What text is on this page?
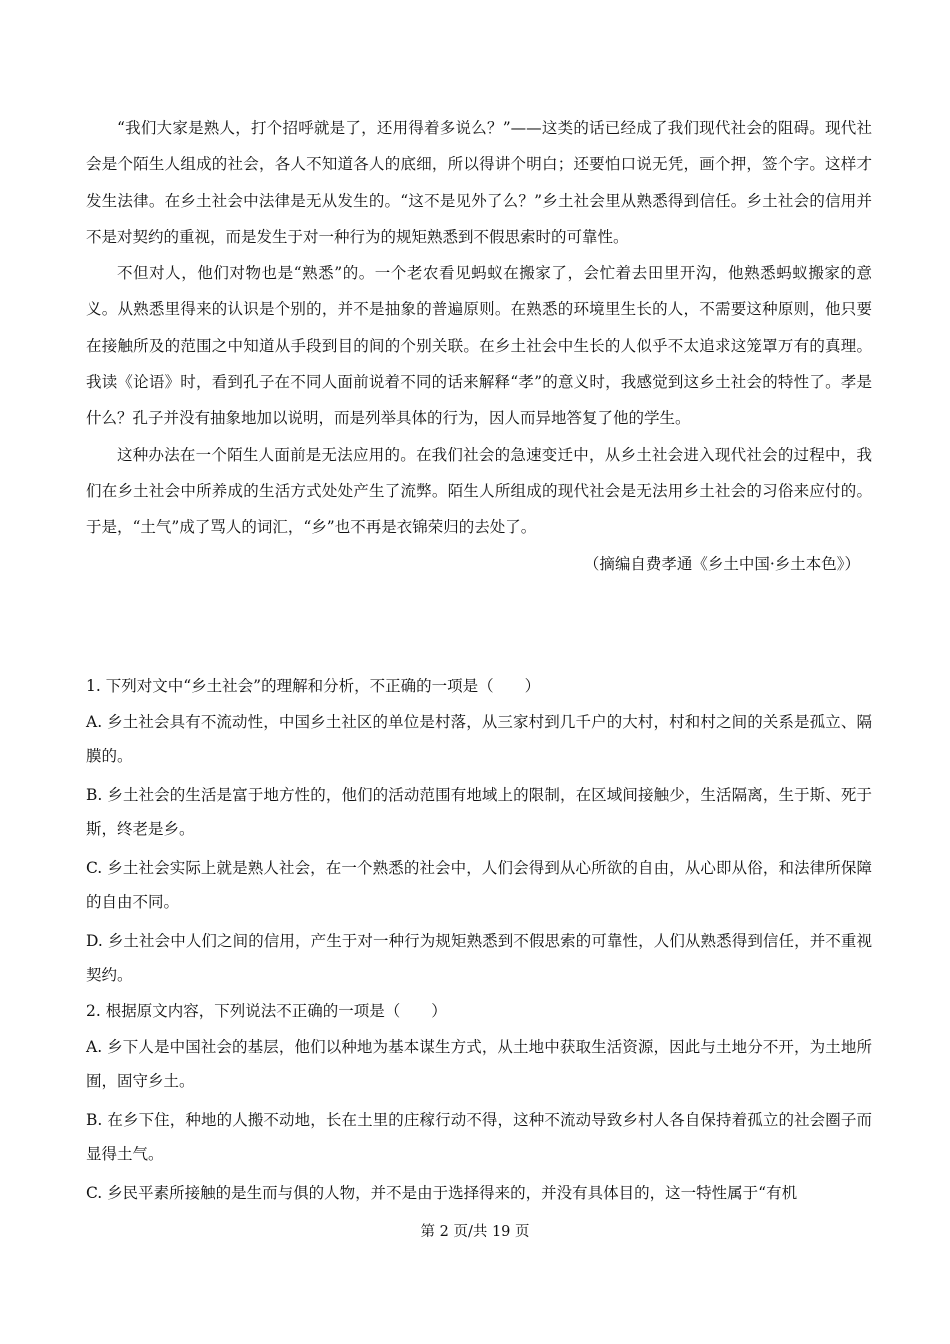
“我们大家是熟人，打个招呼就是了，还用得着多说么？”——这类的话已经成了我们现代社会的阻碍。现代社会是个陌生人组成的社会，各人不知道各人的底细，所以得讲个明白；还要怕口说无凭，画个押，签个字。这样才发生法律。在乡土社会中法律是无从发生的。“这不是见外了么？”乡土社会里从熟悉得到信任。乡土社会的信用并不是对契约的重视，而是发生于对一种行为的规矩熟悉到不假思索时的可靠性。

不但对人，他们对物也是“熟悉”的。一个老农看见蚂蚁在搬家了，会忙着去田里开沟，他熟悉蚂蚁搬家的意义。从熟悉里得来的认识是个别的，并不是抽象的普遍原则。在熟悉的环境里生长的人，不需要这种原则，他只要在接触所及的范围之中知道从手段到目的间的个别关联。在乡土社会中生长的人似乎不太追求这笼罩万有的真理。我读《论语》时，看到孔子在不同人面前说着不同的话来解释“孝”的意义时，我感觉到这乡土社会的特性了。孝是什么？孔子并没有抽象地加以说明，而是列举具体的行为，因人而异地答复了他的学生。

这种办法在一个陌生人面前是无法应用的。在我们社会的急速变迁中，从乡土社会进入现代社会的过程中，我们在乡土社会中所养成的生活方式处处产生了流弊。陌生人所组成的现代社会是无法用乡土社会的习俗来应付的。于是，“土气”成了骂人的词汇，“乡”也不再是衣锦荣归的去处了。

（摘编自费孝通《乡土中国·乡土本色》）

1. 下列对文中“乡土社会”的理解和分析，不正确的一项是（　　）

A. 乡土社会具有不流动性，中国乡土社区的单位是村落，从三家村到几千户的大村，村和村之间的关系是孤立、隔膜的。

B. 乡土社会的生活是富于地方性的，他们的活动范围有地域上的限制，在区域间接触少，生活隔离，生于斯、死于斯，终老是乡。

C. 乡土社会实际上就是熟人社会，在一个熟悉的社会中，人们会得到从心所欲的自由，从心即从俗，和法律所保障的自由不同。

D. 乡土社会中人们之间的信用，产生于对一种行为规矩熟悉到不假思索的可靠性，人们从熟悉得到信任，并不重视契约。

2. 根据原文内容，下列说法不正确的一项是（　　）

A. 乡下人是中国社会的基层，他们以种地为基本谋生方式，从土地中获取生活资源，因此与土地分不开，为土地所囿，固守乡土。

B. 在乡下住，种地的人搬不动地，长在土里的庄稼行动不得，这种不流动导致乡村人各自保持着孤立的社会圈子而显得土气。

C. 乡民平素所接触的是生而与俱的人物，并不是由于选择得来的，并没有具体目的，这一特性属于“有机

第 2 页/共 19 页
